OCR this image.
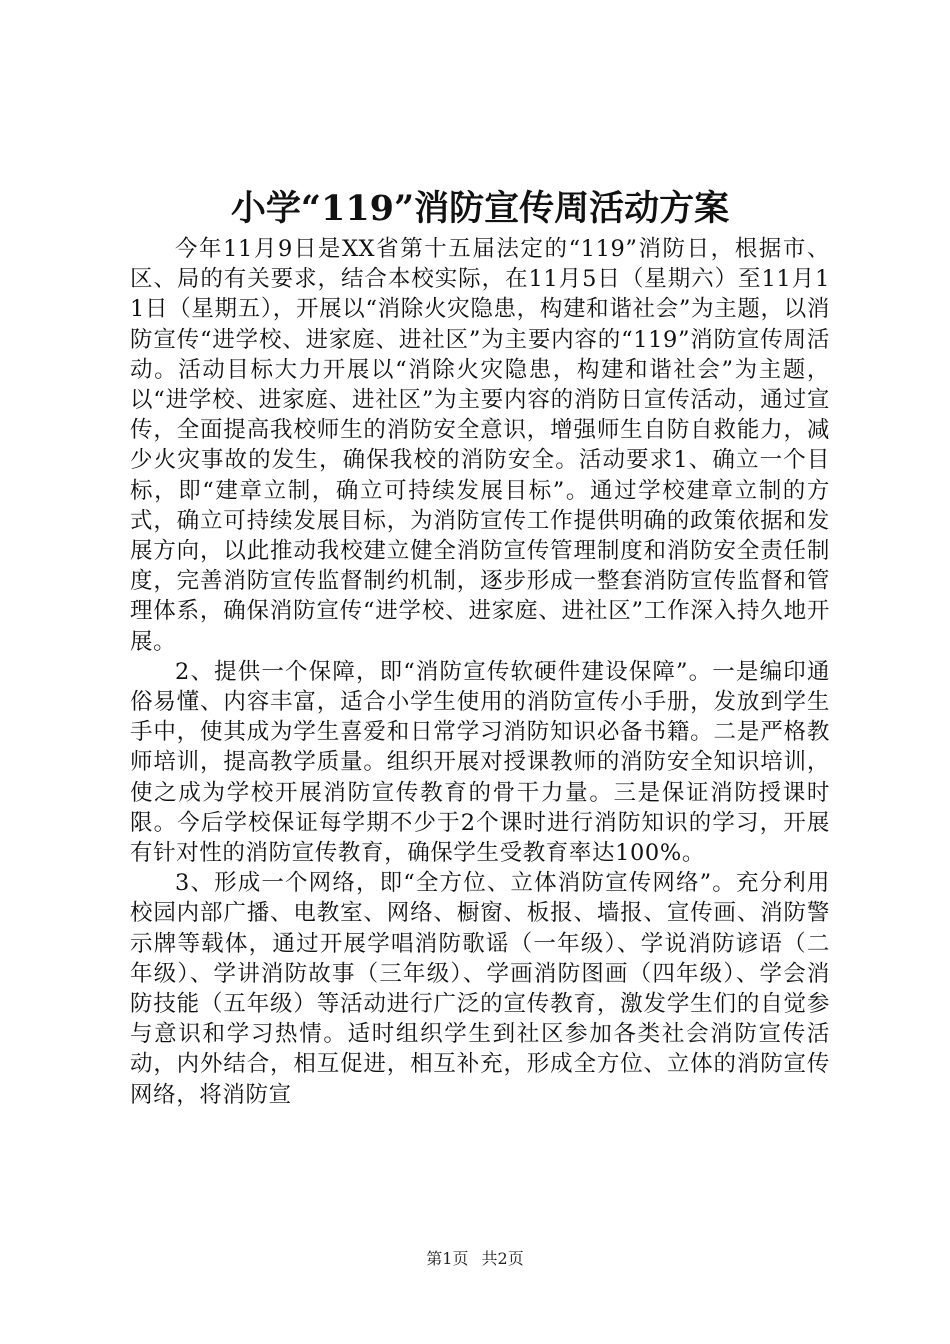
小学“119”消防宣传周活动方案

今年11月9日是XX省第十五届法定的“119”消防日，根据市、区、局的有关要求，结合本校实际，在11月5日（星期六）至11月11日（星期五），开展以“消除火灾隐患，构建和谐社会”为主题，以消防宣传“进学校、进家庭、进社区”为主要内容的“119”消防宣传周活动。活动目标大力开展以“消除火灾隐患，构建和谐社会”为主题，以“进学校、进家庭、进社区”为主要内容的消防日宣传活动，通过宣传，全面提高我校师生的消防安全意识，增强师生自防自救能力，减少火灾事故的发生，确保我校的消防安全。活动要求1、确立一个目标，即“建章立制，确立可持续发展目标”。通过学校建章立制的方式，确立可持续发展目标，为消防宣传工作提供明确的政策依据和发展方向，以此推动我校建立健全消防宣传管理制度和消防安全责任制度，完善消防宣传监督制约机制，逐步形成一整套消防宣传监督和管理体系，确保消防宣传“进学校、进家庭、进社区”工作深入持久地开展。

2、提供一个保障，即“消防宣传软硬件建设保障”。一是编印通俗易懂、内容丰富，适合小学生使用的消防宣传小手册，发放到学生手中，使其成为学生喜爱和日常学习消防知识必备书籍。二是严格教师培训，提高教学质量。组织开展对授课教师的消防安全知识培训，使之成为学校开展消防宣传教育的骨干力量。三是保证消防授课时限。今后学校保证每学期不少于2个课时进行消防知识的学习，开展有针对性的消防宣传教育，确保学生受教育率达100%。

3、形成一个网络，即“全方位、立体消防宣传网络”。充分利用校园内部广播、电教室、网络、橱窗、板报、墙报、宣传画、消防警示牌等载体，通过开展学唱消防歌谣（一年级）、学说消防谚语（二年级）、学讲消防故事（三年级）、学画消防图画（四年级）、学会消防技能（五年级）等活动进行广泛的宣传教育，激发学生们的自觉参与意识和学习热情。适时组织学生到社区参加各类社会消防宣传活动，内外结合，相互促进，相互补充，形成全方位、立体的消防宣传网络，将消防宣

第1页 共2页
